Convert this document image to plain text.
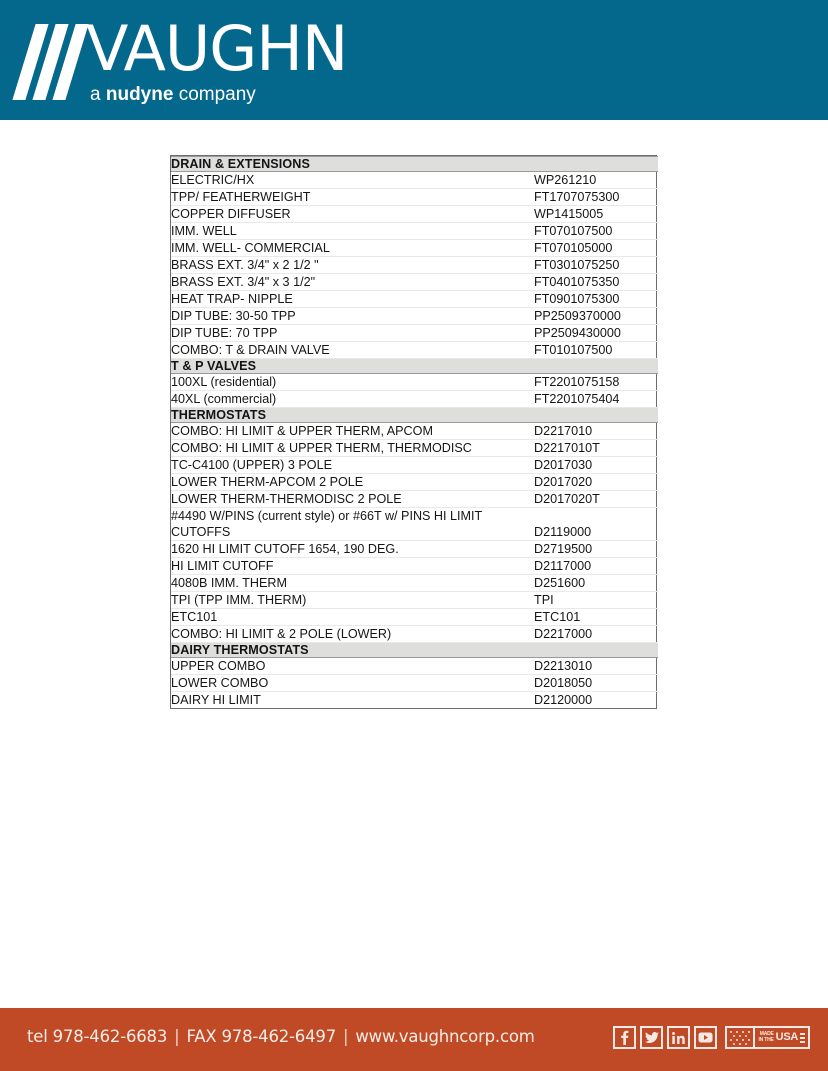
VAUGHN
a nudyne company
DRAIN & EXTENSIONS	
ELECTRIC/HX	WP261210
TPP/ FEATHERWEIGHT	FT1707075300
COPPER DIFFUSER	WP1415005
IMM. WELL	FT070107500
IMM. WELL- COMMERCIAL	FT070105000
BRASS EXT. 3/4" x 2 1/2 "	FT0301075250
BRASS EXT. 3/4" x 3 1/2"	FT0401075350
HEAT TRAP- NIPPLE	FT0901075300
DIP TUBE: 30-50 TPP	PP2509370000
DIP TUBE: 70 TPP	PP2509430000
COMBO: T & DRAIN VALVE	FT010107500
T & P VALVES	
100XL (residential)	FT2201075158
40XL (commercial)	FT2201075404
THERMOSTATS	
COMBO: HI LIMIT & UPPER THERM, APCOM	D2217010
COMBO: HI LIMIT & UPPER THERM, THERMODISC	D2217010T
TC-C4100 (UPPER) 3 POLE	D2017030
LOWER THERM-APCOM 2 POLE	D2017020
LOWER THERM-THERMODISC 2 POLE	D2017020T
#4490 W/PINS (current style) or #66T w/ PINS HI LIMIT CUTOFFS	D2119000
1620 HI LIMIT CUTOFF 1654, 190 DEG.	D2719500
HI LIMIT CUTOFF	D2117000
4080B IMM. THERM	D251600
TPI (TPP IMM. THERM)	TPI
ETC101	ETC101
COMBO: HI LIMIT & 2 POLE (LOWER)	D2217000
DAIRY THERMOSTATS	
UPPER COMBO	D2213010
LOWER COMBO	D2018050
DAIRY HI LIMIT	D2120000
tel 978-462-6683 | FAX 978-462-6497 | www.vaughncorp.com	MADE
IN THE USA
